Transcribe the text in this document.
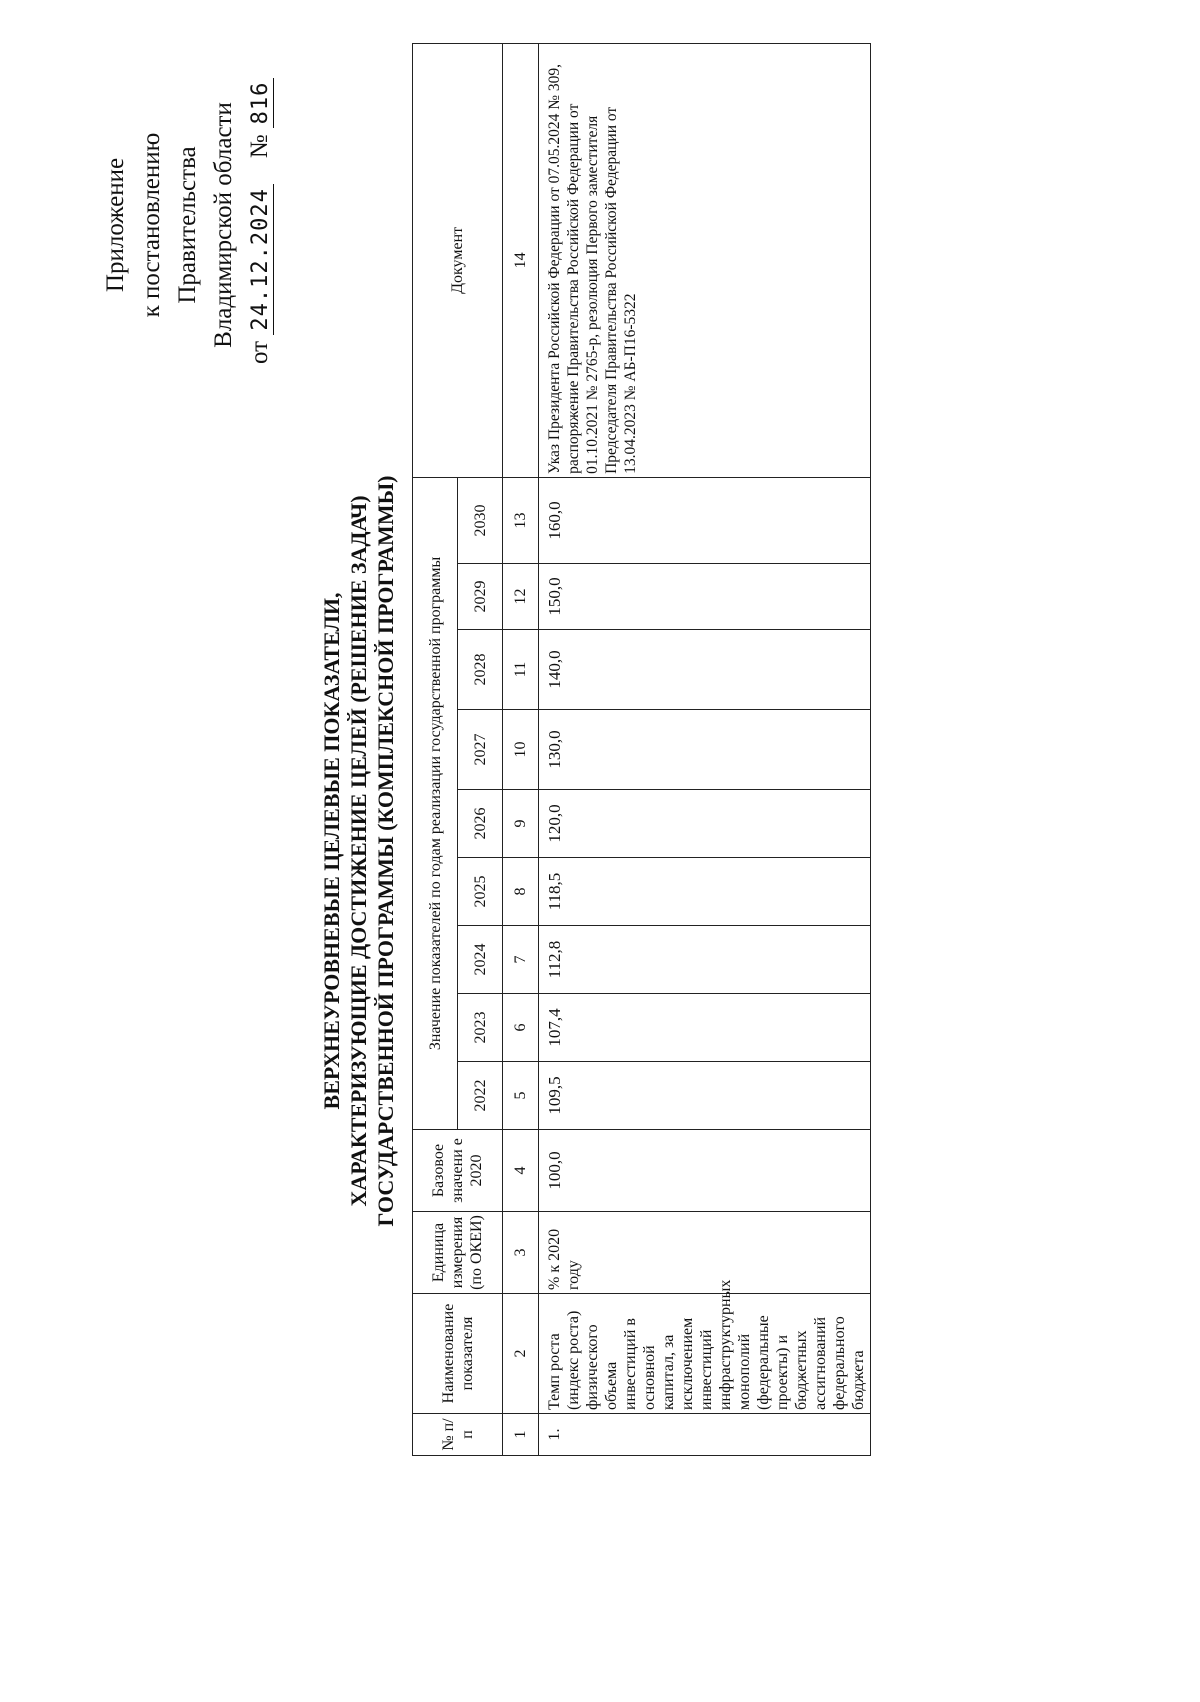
Приложение к постановлению Правительства Владимирской области
от 24.12.2024№816
ВЕРХНЕУРОВНЕВЫЕ ЦЕЛЕВЫЕ ПОКАЗАТЕЛИ, ХАРАКТЕРИЗУЮЩИЕ ДОСТИЖЕНИЕ ЦЕЛЕЙ (РЕШЕНИЕ ЗАДАЧ) ГОСУДАРСТВЕННОЙ ПРОГРАММЫ (КОМПЛЕКСНОЙ ПРОГРАММЫ)
№ п/п	Наименование показателя	Единица измерения (по ОКЕИ)	Базовое значени е 2020	Значение показателей по годам реализации государственной программы									Документ
				2022	2023	2024	2025	2026	2027	2028	2029	2030	
1	2	3	4	5	6	7	8	9	10	11	12	13	14
1.	Темп роста (индекс роста) физического объема инвестиций в основной капитал, за исключением инвестиций инфраструктурных монополий (федеральные проекты) и бюджетных ассигнований федерального бюджета	% к 2020 году	100,0	109,5	107,4	112,8	118,5	120,0	130,0	140,0	150,0	160,0	Указ Президента Российской Федерации от 07.05.2024 № 309, распоряжение Правительства Российской Федерации от 01.10.2021 № 2765-р, резолюция Первого заместителя Председателя Правительства Российской Федерации от 13.04.2023 № АБ-П16-5322
